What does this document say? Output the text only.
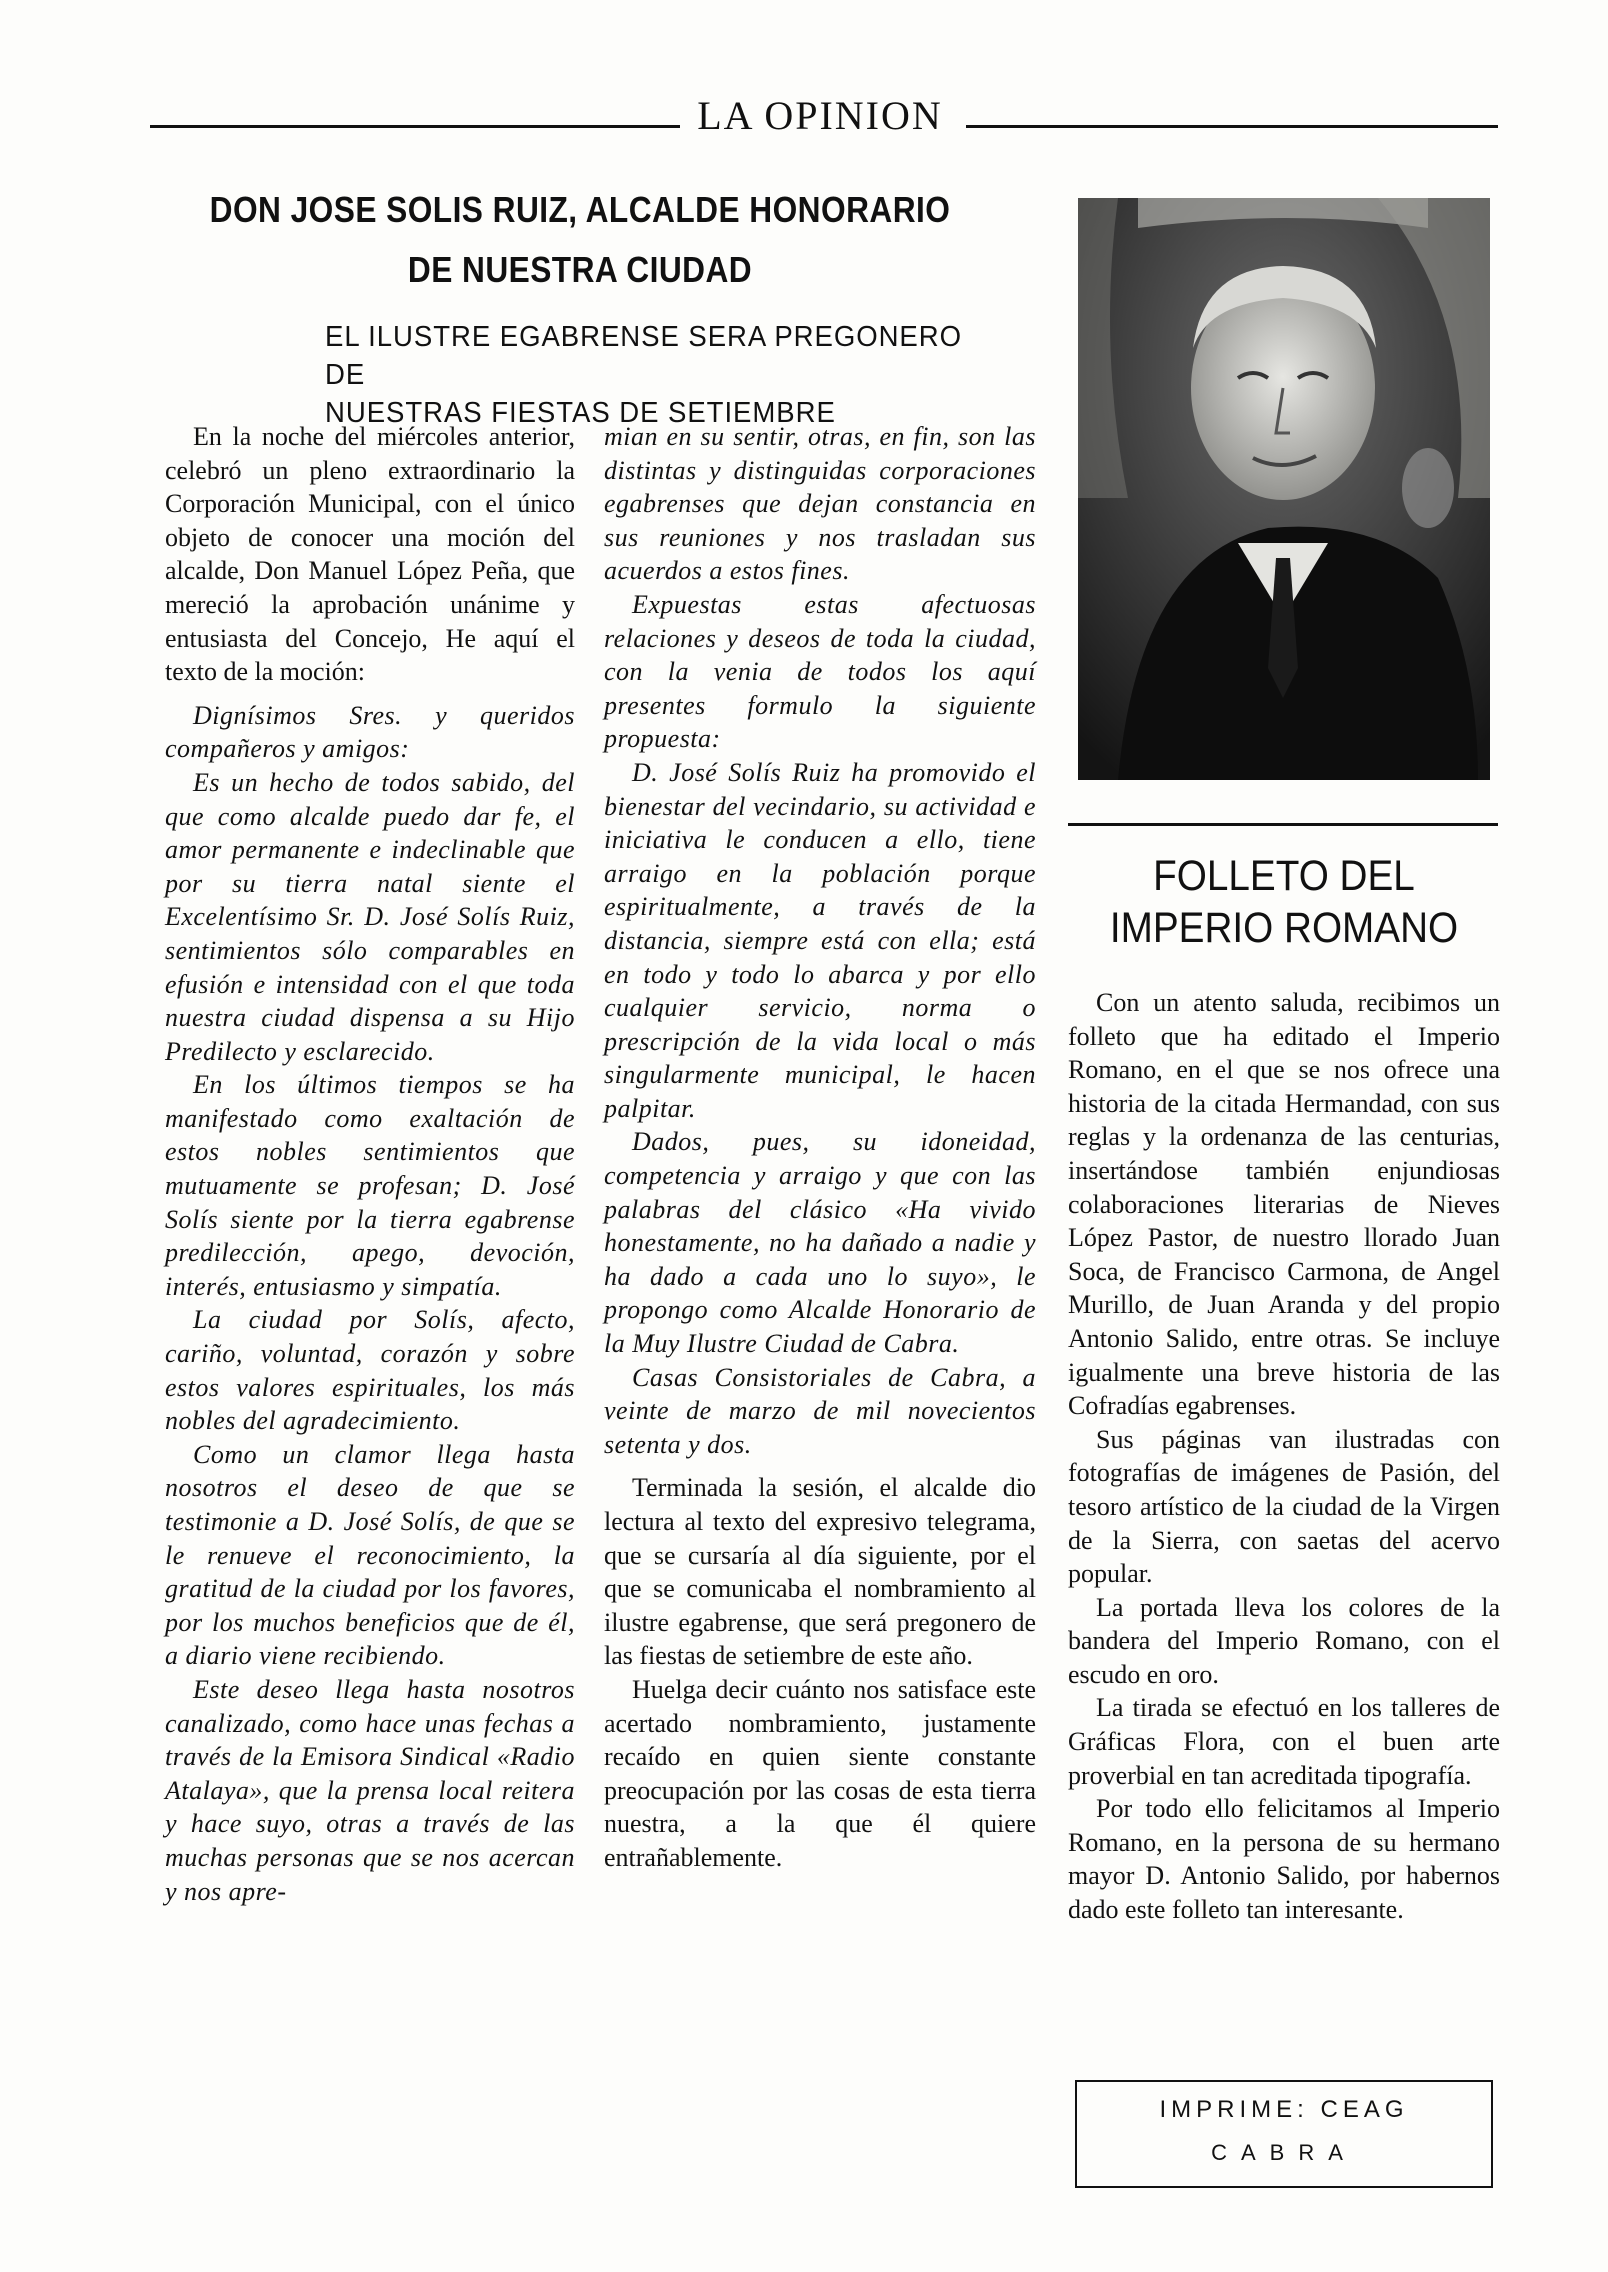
LA OPINION
DON JOSE SOLIS RUIZ, ALCALDE HONORARIO
DE NUESTRA CIUDAD
EL ILUSTRE EGABRENSE SERA PREGONERO DE
NUESTRAS FIESTAS DE SETIEMBRE

En la noche del miércoles anterior, celebró un pleno extraordinario la Corporación Municipal, con el único objeto de conocer una moción del alcalde, Don Manuel López Peña, que mereció la aprobación unánime y entusiasta del Concejo, He aquí el texto de la moción:

Dignísimos Sres. y queridos compañeros y amigos:

Es un hecho de todos sabido, del que como alcalde puedo dar fe, el amor permanente e indeclinable que por su tierra natal siente el Excelentísimo Sr. D. José Solís Ruiz, sentimientos sólo comparables en efusión e intensidad con el que toda nuestra ciudad dispensa a su Hijo Predilecto y esclarecido.

En los últimos tiempos se ha manifestado como exaltación de estos nobles sentimientos que mutuamente se profesan; D. José Solís siente por la tierra egabrense predilección, apego, devoción, interés, entusiasmo y simpatía.

La ciudad por Solís, afecto, cariño, voluntad, corazón y sobre estos valores espirituales, los más nobles del agradecimiento.

Como un clamor llega hasta nosotros el deseo de que se testimonie a D. José Solís, de que se le renueve el reconocimiento, la gratitud de la ciudad por los favores, por los muchos beneficios que de él, a diario viene recibiendo.

Este deseo llega hasta nosotros canalizado, como hace unas fechas a través de la Emisora Sindical «Radio Atalaya», que la prensa local reitera y hace suyo, otras a través de las muchas personas que se nos acercan y nos apre-

mian en su sentir, otras, en fin, son las distintas y distinguidas corporaciones egabrenses que dejan constancia en sus reuniones y nos trasladan sus acuerdos a estos fines.

Expuestas estas afectuosas relaciones y deseos de toda la ciudad, con la venia de todos los aquí presentes formulo la siguiente propuesta:

D. José Solís Ruiz ha promovido el bienestar del vecindario, su actividad e iniciativa le conducen a ello, tiene arraigo en la población porque espiritualmente, a través de la distancia, siempre está con ella; está en todo y todo lo abarca y por ello cualquier servicio, norma o prescripción de la vida local o más singularmente municipal, le hacen palpitar.

Dados, pues, su idoneidad, competencia y arraigo y que con las palabras del clásico «Ha vivido honestamente, no ha dañado a nadie y ha dado a cada uno lo suyo», le propongo como Alcalde Honorario de la Muy Ilustre Ciudad de Cabra.

Casas Consistoriales de Cabra, a veinte de marzo de mil novecientos setenta y dos.

Terminada la sesión, el alcalde dio lectura al texto del expresivo telegrama, que se cursaría al día siguiente, por el que se comunicaba el nombramiento al ilustre egabrense, que será pregonero de las fiestas de setiembre de este año.

Huelga decir cuánto nos satisface este acertado nombramiento, justamente recaído en quien siente constante preocupación por las cosas de esta tierra nuestra, a la que él quiere entrañablemente.

FOLLETO DEL
IMPERIO ROMANO

Con un atento saluda, recibimos un folleto que ha editado el Imperio Romano, en el que se nos ofrece una historia de la citada Hermandad, con sus reglas y la ordenanza de las centurias, insertándose también enjundiosas colaboraciones literarias de Nieves López Pastor, de nuestro llorado Juan Soca, de Francisco Carmona, de Angel Murillo, de Juan Aranda y del propio Antonio Salido, entre otras. Se incluye igualmente una breve historia de las Cofradías egabrenses.

Sus páginas van ilustradas con fotografías de imágenes de Pasión, del tesoro artístico de la ciudad de la Virgen de la Sierra, con saetas del acervo popular.

La portada lleva los colores de la bandera del Imperio Romano, con el escudo en oro.

La tirada se efectuó en los talleres de Gráficas Flora, con el buen arte proverbial en tan acreditada tipografía.

Por todo ello felicitamos al Imperio Romano, en la persona de su hermano mayor D. Antonio Salido, por habernos dado este folleto tan interesante.

IMPRIME: CEAG
CABRA
